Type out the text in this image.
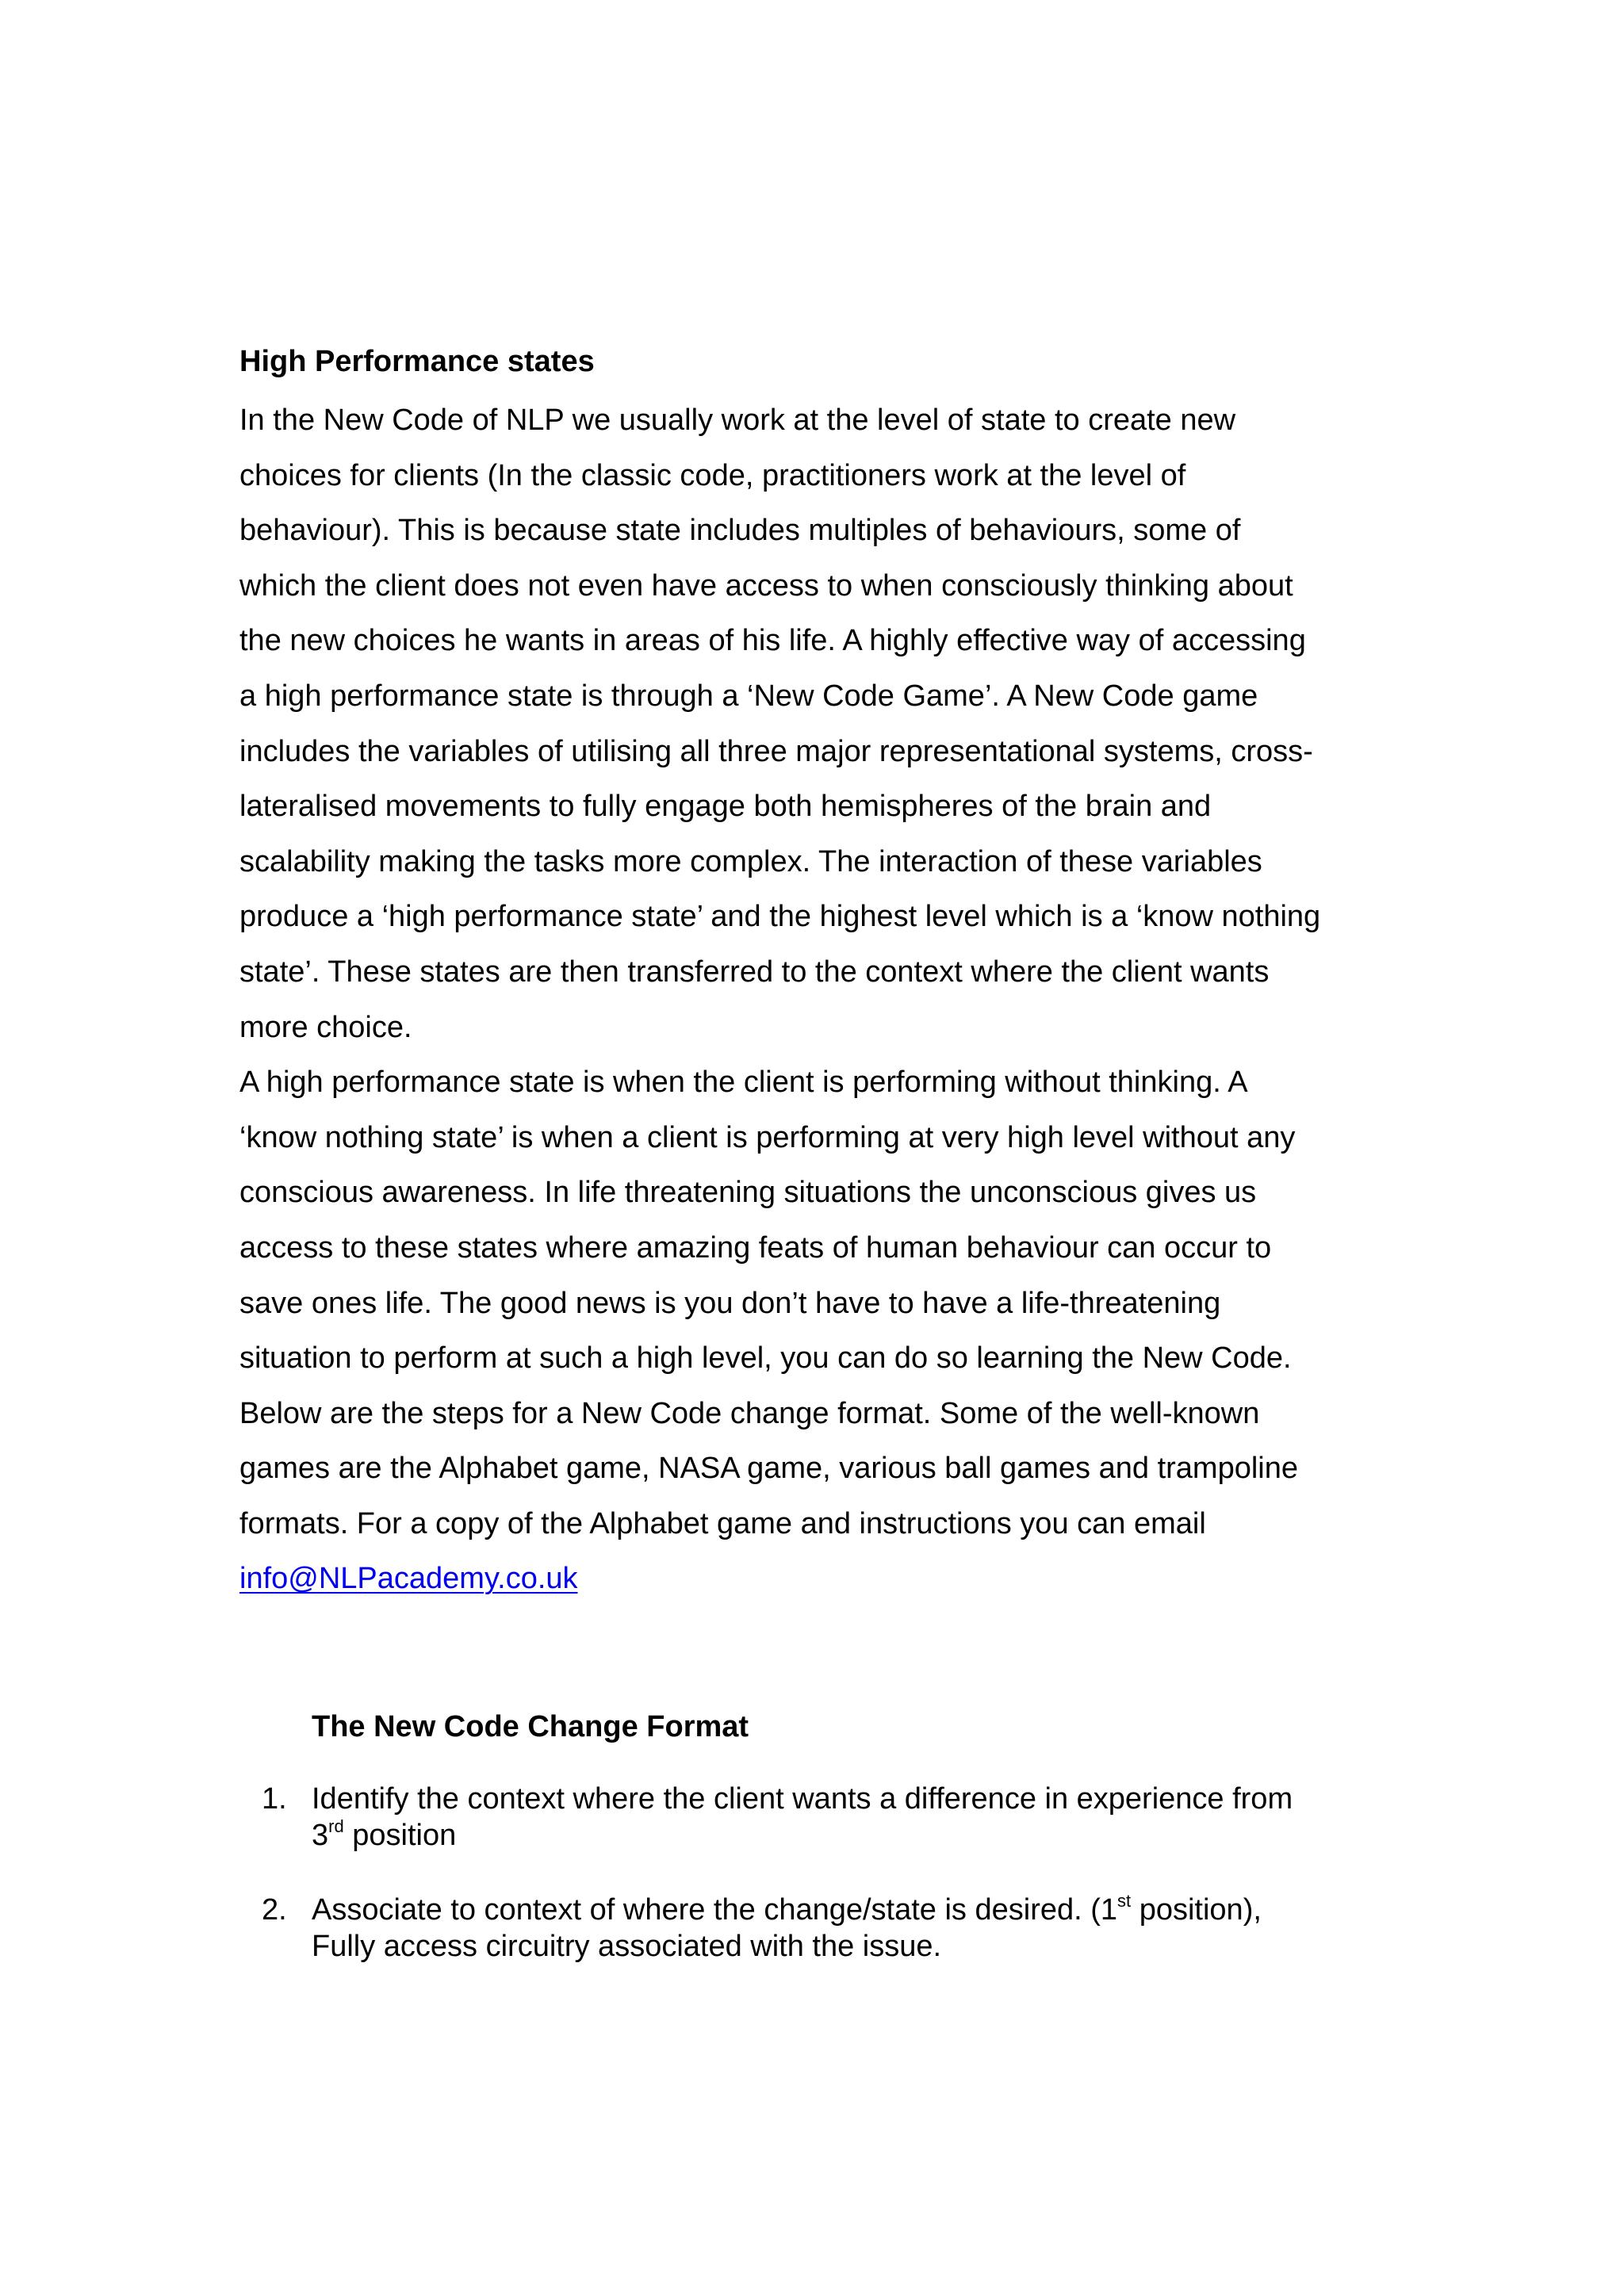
High Performance states
In the New Code of NLP we usually work at the level of state to create new
choices for clients (In the classic code, practitioners work at the level of
behaviour). This is because state includes multiples of behaviours, some of
which the client does not even have access to when consciously thinking about
the new choices he wants in areas of his life. A highly effective way of accessing
a high performance state is through a ‘New Code Game’. A New Code game
includes the variables of utilising all three major representational systems, cross-
lateralised movements to fully engage both hemispheres of the brain and
scalability making the tasks more complex. The interaction of these variables
produce a ‘high performance state’ and the highest level which is a ‘know nothing
state’. These states are then transferred to the context where the client wants
more choice.
A high performance state is when the client is performing without thinking. A
‘know nothing state’ is when a client is performing at very high level without any
conscious awareness. In life threatening situations the unconscious gives us
access to these states where amazing feats of human behaviour can occur to
save ones life. The good news is you don’t have to have a life-threatening
situation to perform at such a high level, you can do so learning the New Code.
Below are the steps for a New Code change format. Some of the well-known
games are the Alphabet game, NASA game, various ball games and trampoline
formats. For a copy of the Alphabet game and instructions you can email
info@NLPacademy.co.uk
The New Code Change Format
1. Identify the context where the client wants a difference in experience from
3rd position
2. Associate to context of where the change/state is desired. (1st position),
Fully access circuitry associated with the issue.
